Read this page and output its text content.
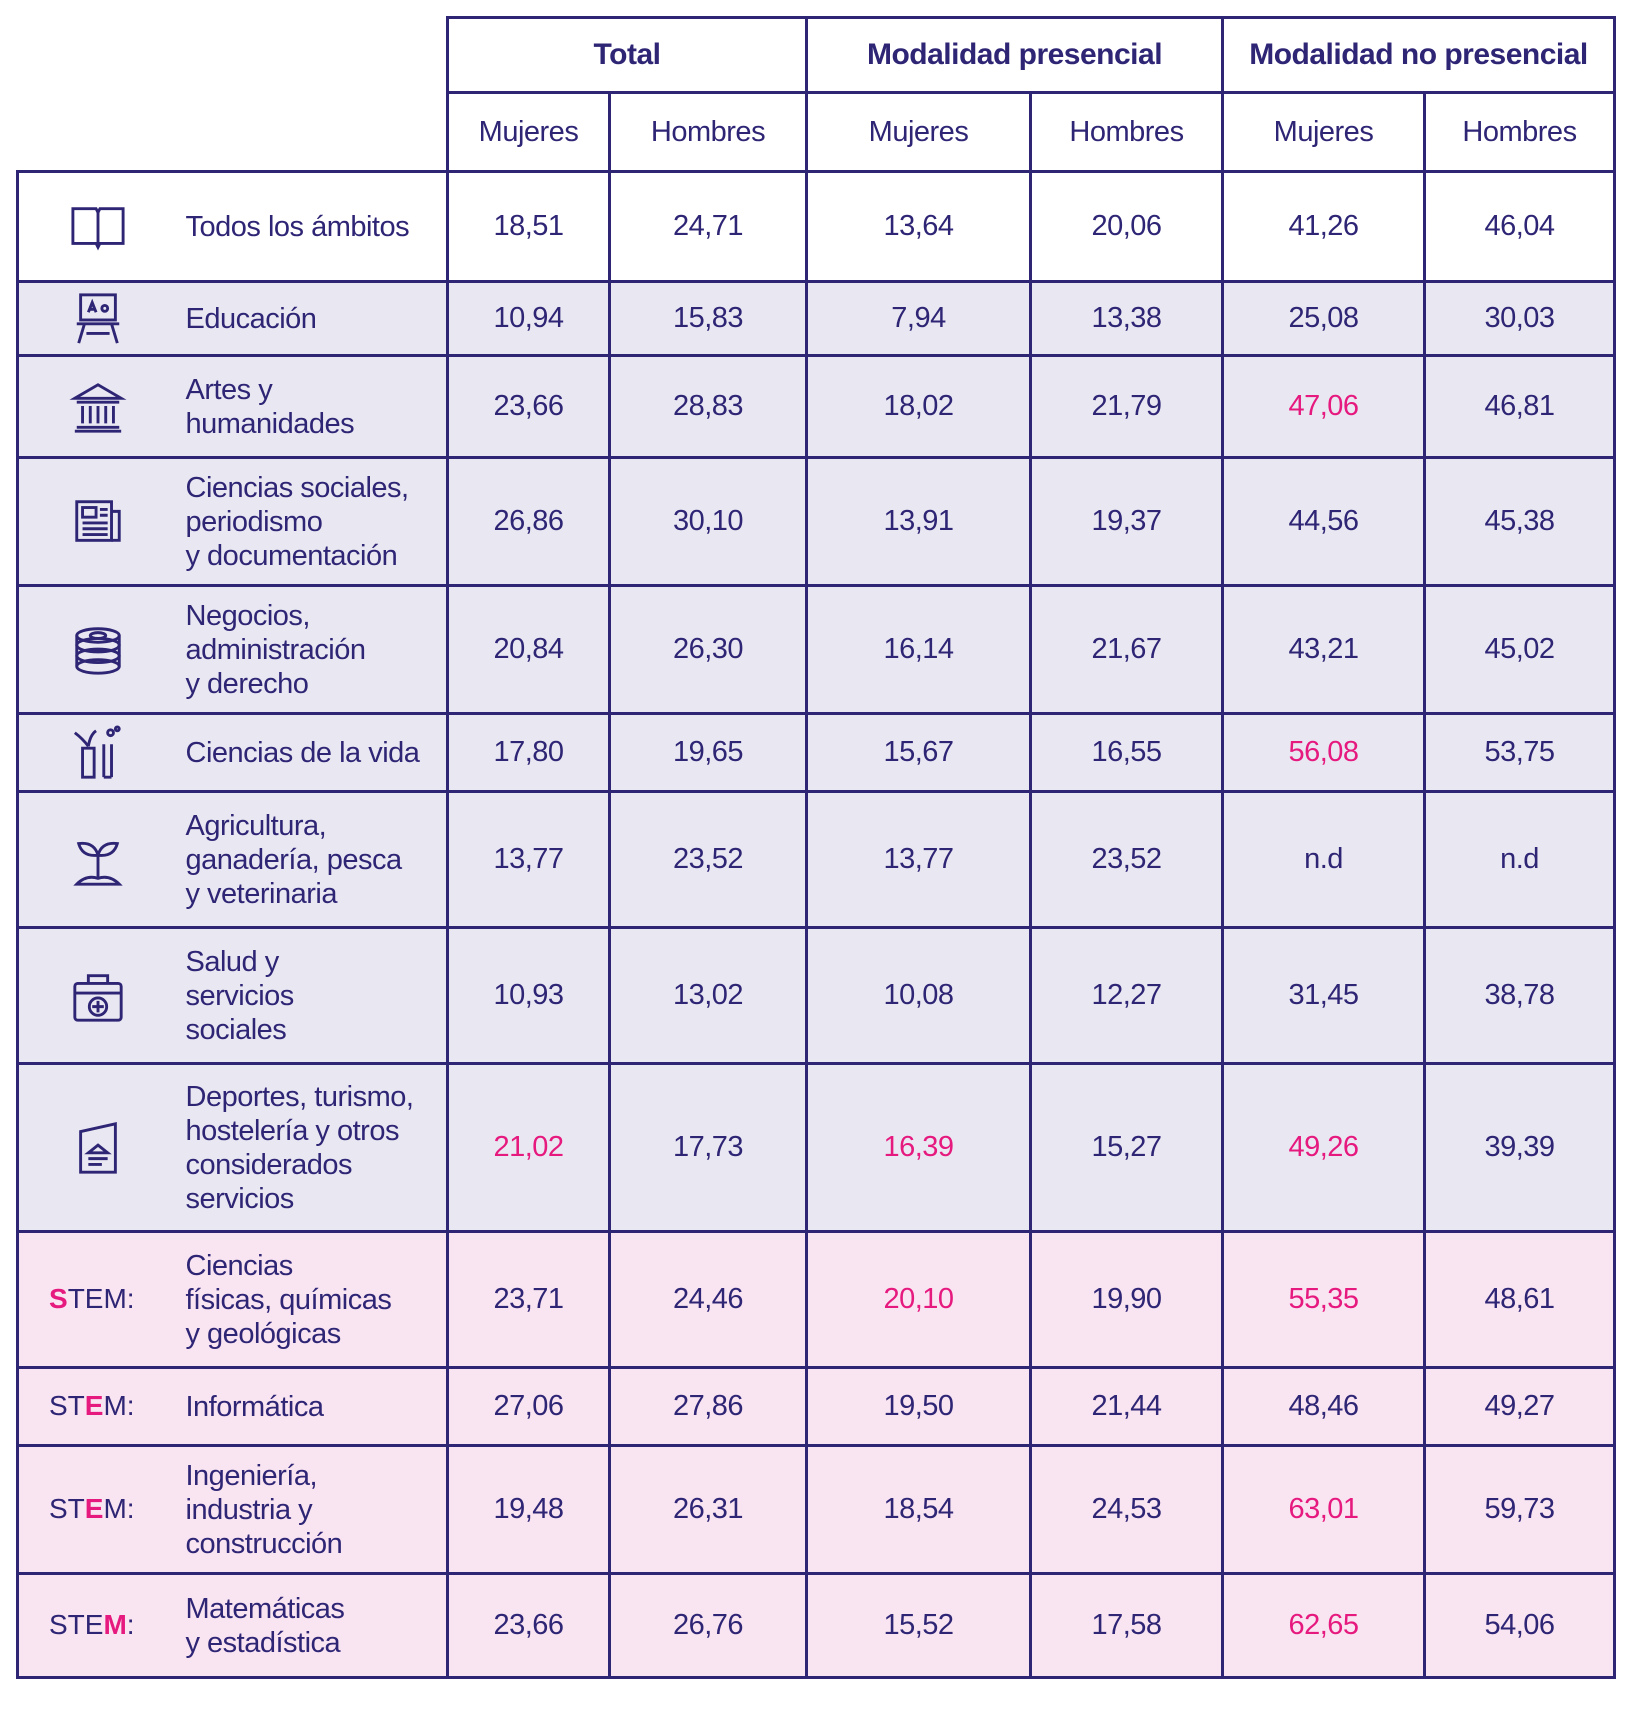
		Total		Modalidad presencial		Modalidad no presencial	
		Mujeres	Hombres	Mujeres	Hombres	Mujeres	Hombres

Todos los ámbitos	18,51	24,71	13,64	20,06	41,26	46,04

Educación	10,94	15,83	7,94	13,38	25,08	30,03

Artes y
humanidades	23,66	28,83	18,02	21,79	47,06	46,81

Ciencias sociales,
periodismo
y documentación	26,86	30,10	13,91	19,37	44,56	45,38

Negocios,
administración
y derecho	20,84	26,30	16,14	21,67	43,21	45,02

Ciencias de la vida	17,80	19,65	15,67	16,55	56,08	53,75

Agricultura,
ganadería, pesca
y veterinaria	13,77	23,52	13,77	23,52	n.d	n.d

Salud y
servicios
sociales	10,93	13,02	10,08	12,27	31,45	38,78

Deportes, turismo,
hostelería y otros
considerados
servicios	21,02	17,73	16,39	15,27	49,26	39,39
STEM:	Ciencias
físicas, químicas
y geológicas	23,71	24,46	20,10	19,90	55,35	48,61
STEM:	Informática	27,06	27,86	19,50	21,44	48,46	49,27
STEM:	Ingeniería,
industria y
construcción	19,48	26,31	18,54	24,53	63,01	59,73
STEM:	Matemáticas
y estadística	23,66	26,76	15,52	17,58	62,65	54,06
